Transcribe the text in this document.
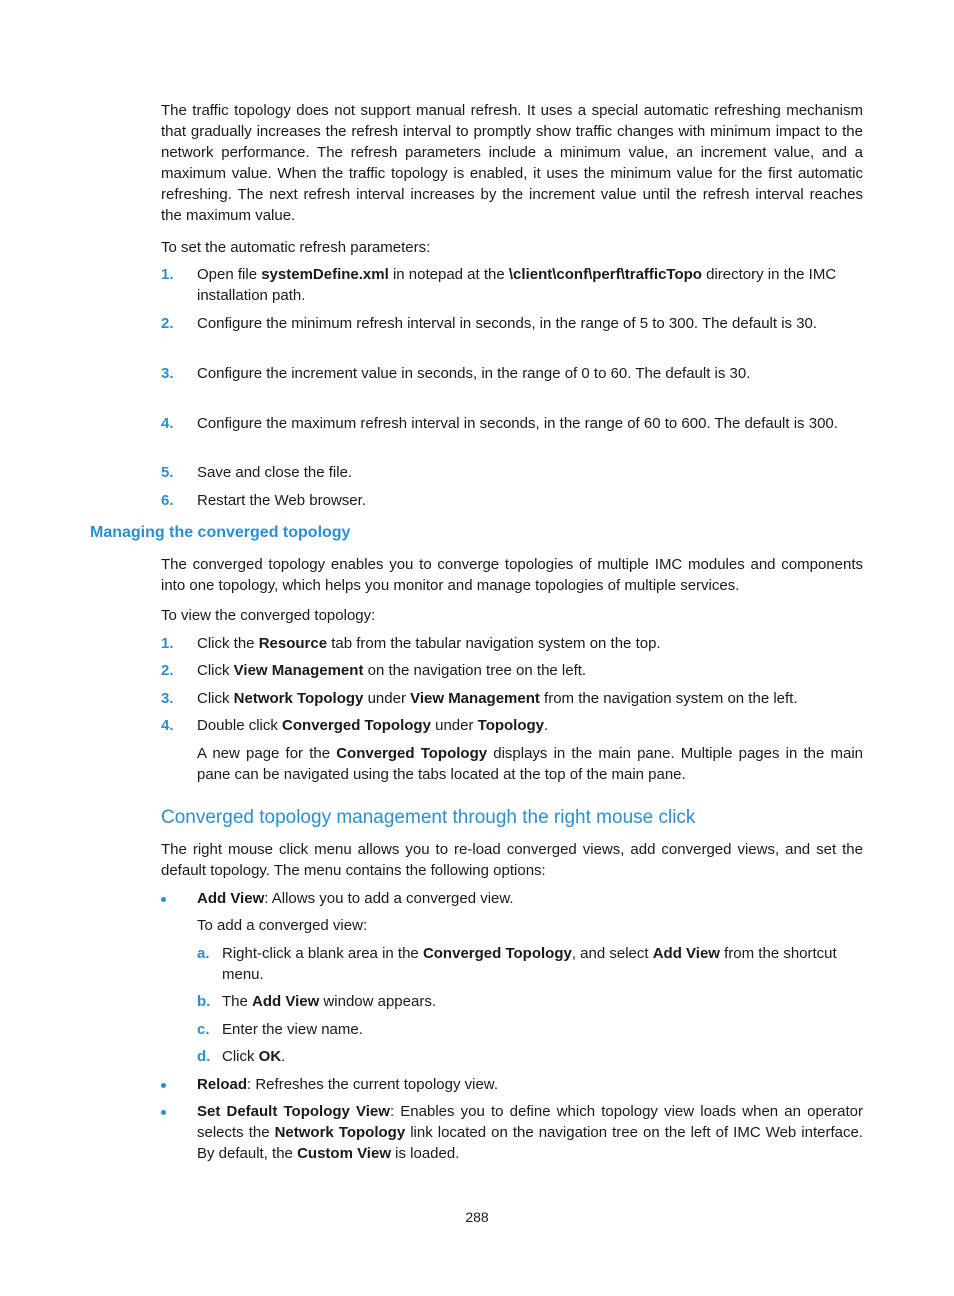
The traffic topology does not support manual refresh. It uses a special automatic refreshing mechanism that gradually increases the refresh interval to promptly show traffic changes with minimum impact to the network performance. The refresh parameters include a minimum value, an increment value, and a maximum value. When the traffic topology is enabled, it uses the minimum value for the first automatic refreshing. The next refresh interval increases by the increment value until the refresh interval reaches the maximum value.

To set the automatic refresh parameters:

1. Open file systemDefine.xml in notepad at the \client\conf\perf\trafficTopo directory in the IMC installation path.
2. Configure the minimum refresh interval in seconds, in the range of 5 to 300. The default is 30.
3. Configure the increment value in seconds, in the range of 0 to 60. The default is 30.
4. Configure the maximum refresh interval in seconds, in the range of 60 to 600. The default is 300.
5. Save and close the file.
6. Restart the Web browser.
Managing the converged topology

The converged topology enables you to converge topologies of multiple IMC modules and components into one topology, which helps you monitor and manage topologies of multiple services.

To view the converged topology:

1. Click the Resource tab from the tabular navigation system on the top.
2. Click View Management on the navigation tree on the left.
3. Click Network Topology under View Management from the navigation system on the left.
4. Double click Converged Topology under Topology.

A new page for the Converged Topology displays in the main pane. Multiple pages in the main pane can be navigated using the tabs located at the top of the main pane.

Converged topology management through the right mouse click

The right mouse click menu allows you to re-load converged views, add converged views, and set the default topology. The menu contains the following options:

Add View: Allows you to add a converged view.

To add a converged view:

a. Right-click a blank area in the Converged Topology, and select Add View from the shortcut menu.
b. The Add View window appears.
c. Enter the view name.
d. Click OK.
Reload: Refreshes the current topology view.
Set Default Topology View: Enables you to define which topology view loads when an operator selects the Network Topology link located on the navigation tree on the left of IMC Web interface. By default, the Custom View is loaded.
288
